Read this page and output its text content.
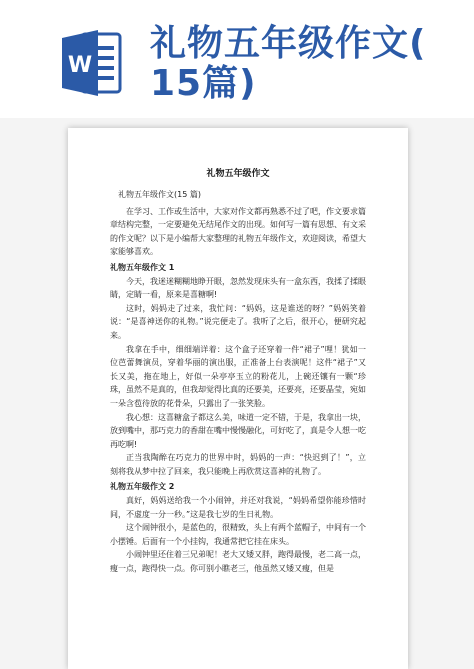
W
礼物五年级作文(
15篇)
礼物五年级作文

礼物五年级作文(15 篇)

在学习、工作或生活中，大家对作文都再熟悉不过了吧，作文要求篇章结构完整，一定要避免无结尾作文的出现。如何写一篇有思想、有文采的作文呢？以下是小编帮大家整理的礼物五年级作文，欢迎阅读，希望大家能够喜欢。

礼物五年级作文 1

今天，我迷迷糊糊地睁开眼，忽然发现床头有一盒东西，我揉了揉眼睛，定睛一看，原来是喜糖啊!

这时，妈妈走了过来，我忙问：“妈妈，这是谁送的呀？”妈妈笑着说：“是喜神送你的礼物。”说完便走了。我听了之后，很开心，便研究起来。

我拿在手中，细细端详着：这个盒子还穿着一件“裙子”哩！犹如一位芭蕾舞演员，穿着华丽的演出服，正准备上台表演呢！这件“裙子”又长又美，拖在地上，好似一朵亭亭玉立的粉花儿，上碗还镶有一颗“珍珠，虽然不是真的，但我却觉得比真的还要美，还要亮，还要晶莹，宛如一朵含苞待放的花骨朵，只露出了一张笑脸。

我心想：这喜糖盒子都这么美，味道一定不错，于是，我拿出一块，放到嘴中，那巧克力的香甜在嘴中慢慢融化，可好吃了，真是令人想一吃再吃啊!

正当我陶醉在巧克力的世界中时，妈妈的一声：“快迟到了！”，立刻将我从梦中拉了回来，我只能晚上再欣赏这喜神的礼物了。

礼物五年级作文 2

真好，妈妈送给我一个小闹钟，并还对我说，“妈妈希望你能珍惜时间，不虚度一分一秒。”这是我七岁的生日礼物。

这个闹钟很小，是蓝色的，很精致，头上有两个蓝帽子，中间有一个小摆锤。后面有一个小挂钩，我通常把它挂在床头。

小闹钟里还住着三兄弟呢！老大又矮又胖，跑得最慢，老二高一点，瘦一点，跑得快一点。你可别小瞧老三，他虽然又矮又瘦，但是
